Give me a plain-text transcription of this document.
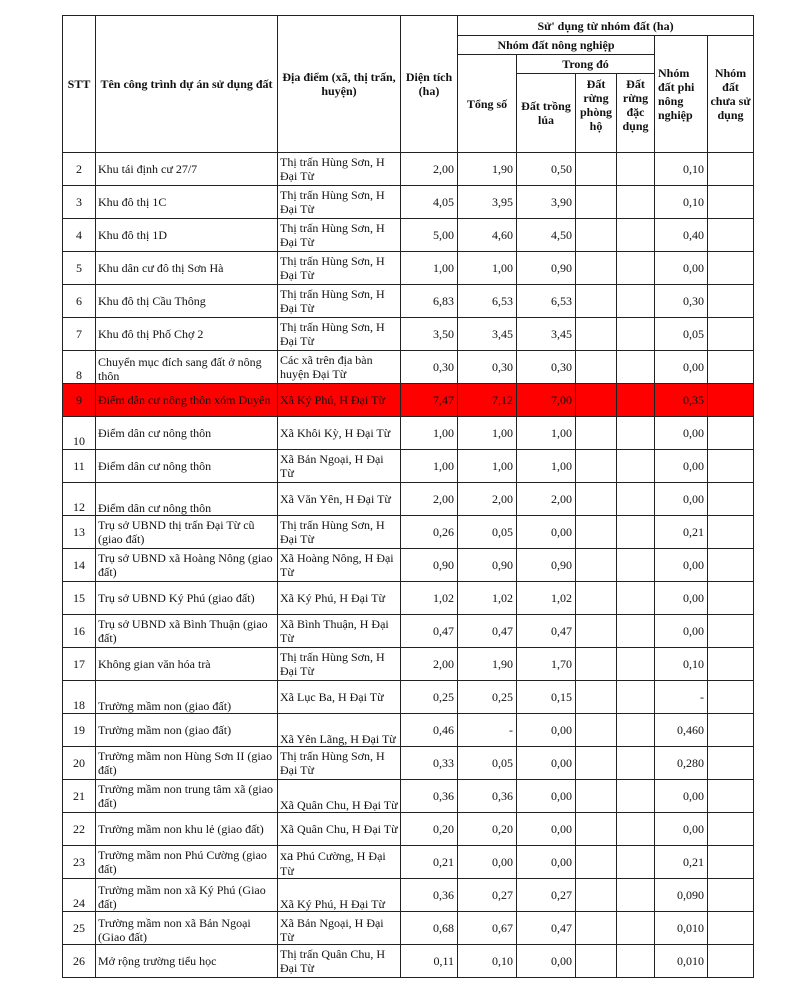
STT	Tên công trình dự án sử dụng đất	Địa điểm (xã, thị trấn, huyện)	Diện tích (ha)	Sử' dụng từ nhóm đất (ha)					
				Nhóm đất nông nghiệp				Nhóm đất phi nông nghiệp	Nhóm đất chưa sử dụng
				Tổng số	Trong đó				
					Đất trồng lúa	Đất rừng phòng hộ	Đất rừng đặc dụng		
2	Khu tái định cư 27/7	Thị trấn Hùng Sơn, H Đại Từ	2,00	1,90	0,50			0,10	
3	Khu đô thị 1C	Thị trấn Hùng Sơn, H Đại Từ	4,05	3,95	3,90			0,10	
4	Khu đô thị 1D	Thị trấn Hùng Sơn, H Đại Từ	5,00	4,60	4,50			0,40	
5	Khu dân cư đô thị Sơn Hà	Thị trấn Hùng Sơn, H Đại Từ	1,00	1,00	0,90			0,00	
6	Khu đô thị Cầu Thông	Thị trấn Hùng Sơn, H Đại Từ	6,83	6,53	6,53			0,30	
7	Khu đô thị Phố Chợ 2	Thị trấn Hùng Sơn, H Đại Từ	3,50	3,45	3,45			0,05	
8	Chuyển mục đích sang đất ở nông thôn	Các xã trên địa bàn huyện Đại Từ	0,30	0,30	0,30			0,00	
9	Điểm dân cư nông thôn xóm Duyên	Xã Ký Phú, H Đại Từ	7,47	7,12	7,00			0,35	
10	Điểm dân cư nông thôn	Xã Khôi Kỳ, H Đại Từ	1,00	1,00	1,00			0,00	
11	Điểm dân cư nông thôn	Xã Bản Ngoại, H Đại Từ	1,00	1,00	1,00			0,00	
12	Điểm dân cư nông thôn	Xã Văn Yên, H Đại Từ	2,00	2,00	2,00			0,00	
13	Trụ sở UBND thị trấn Đại Từ cũ (giao đất)	Thị trấn Hùng Sơn, H Đại Từ	0,26	0,05	0,00			0,21	
14	Trụ sở UBND xã Hoàng Nông (giao đất)	Xã Hoàng Nông, H Đại Từ	0,90	0,90	0,90			0,00	
15	Trụ sở UBND Ký Phú (giao đất)	Xã Ký Phú, H Đại Từ	1,02	1,02	1,02			0,00	
16	Trụ sở UBND xã Bình Thuận (giao đất)	Xã Bình Thuận, H Đại Từ	0,47	0,47	0,47			0,00	
17	Không gian văn hóa trà	Thị trấn Hùng Sơn, H Đại Từ	2,00	1,90	1,70			0,10	
18	Trường mầm non (giao đất)	Xã Lục Ba, H Đại Từ	0,25	0,25	0,15			-	
19	Trường mầm non (giao đất)	Xã Yên Lãng, H Đại Từ	0,46	-	0,00			0,460	
20	Trường mầm non Hùng Sơn II (giao đất)	Thị trấn Hùng Sơn, H Đại Từ	0,33	0,05	0,00			0,280	
21	Trường mầm non trung tâm xã (giao đất)	Xã Quân Chu, H Đại Từ	0,36	0,36	0,00			0,00	
22	Trường mầm non khu lẻ (giao đất)	Xã Quân Chu, H Đại Từ	0,20	0,20	0,00			0,00	
23	Trường mầm non Phú Cường (giao đất)	xa Phú Cường, H Đại Từ	0,21	0,00	0,00			0,21	
24	Trường mầm non xã Ký Phú (Giao đất)	Xã Ký Phú, H Đại Từ	0,36	0,27	0,27			0,090	
25	Trường mầm non xã Bản Ngoại (Giao đất)	Xã Bản Ngoại, H Đại Từ	0,68	0,67	0,47			0,010	
26	Mở rộng trường tiểu học	Thị trấn Quân Chu, H Đại Từ	0,11	0,10	0,00			0,010	
